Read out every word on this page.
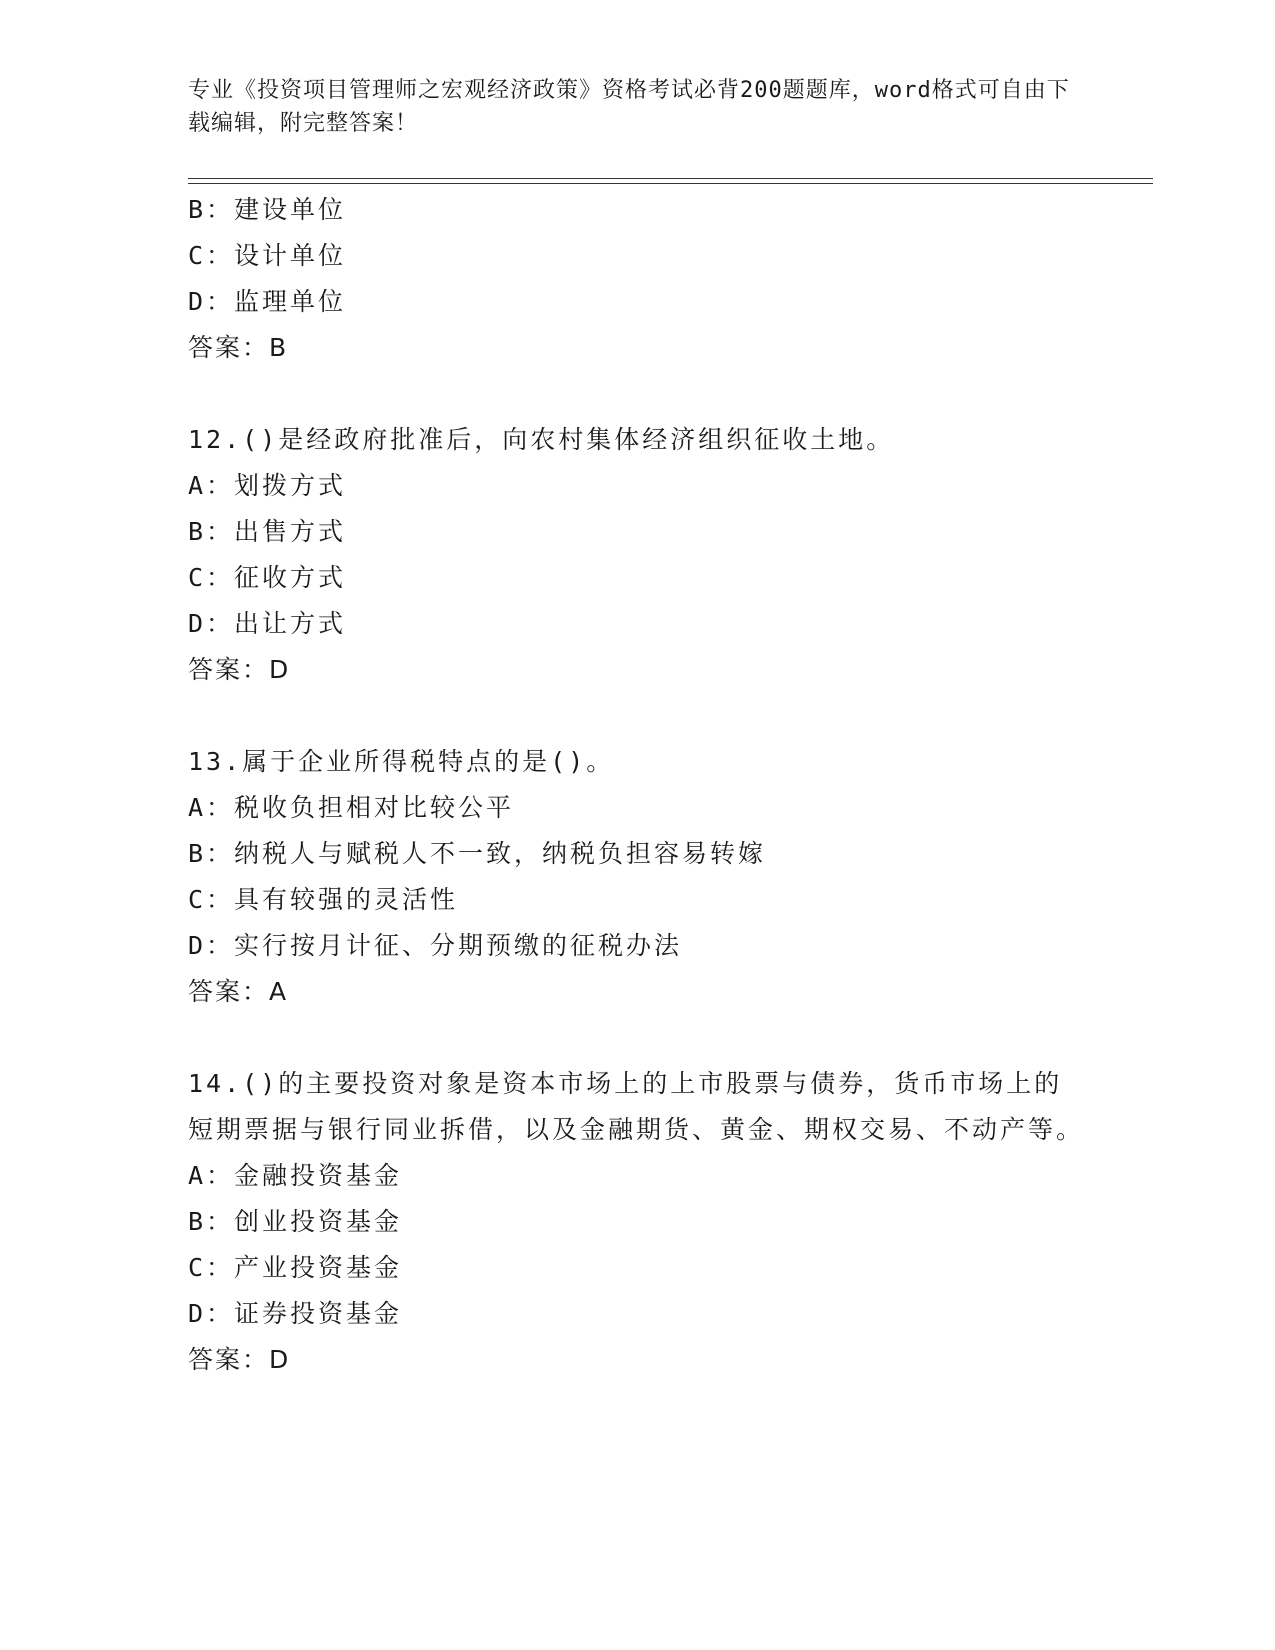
专业《投资项目管理师之宏观经济政策》资格考试必背200题题库，word格式可自由下载编辑，附完整答案！
B：建设单位
C：设计单位
D：监理单位
答案：B
12.()是经政府批准后，向农村集体经济组织征收土地。
A：划拨方式
B：出售方式
C：征收方式
D：出让方式
答案：D
13.属于企业所得税特点的是()。
A：税收负担相对比较公平
B：纳税人与赋税人不一致，纳税负担容易转嫁
C：具有较强的灵活性
D：实行按月计征、分期预缴的征税办法
答案：A
14.()的主要投资对象是资本市场上的上市股票与债券，货币市场上的短期票据与银行同业拆借，以及金融期货、黄金、期权交易、不动产等。
A：金融投资基金
B：创业投资基金
C：产业投资基金
D：证券投资基金
答案：D
